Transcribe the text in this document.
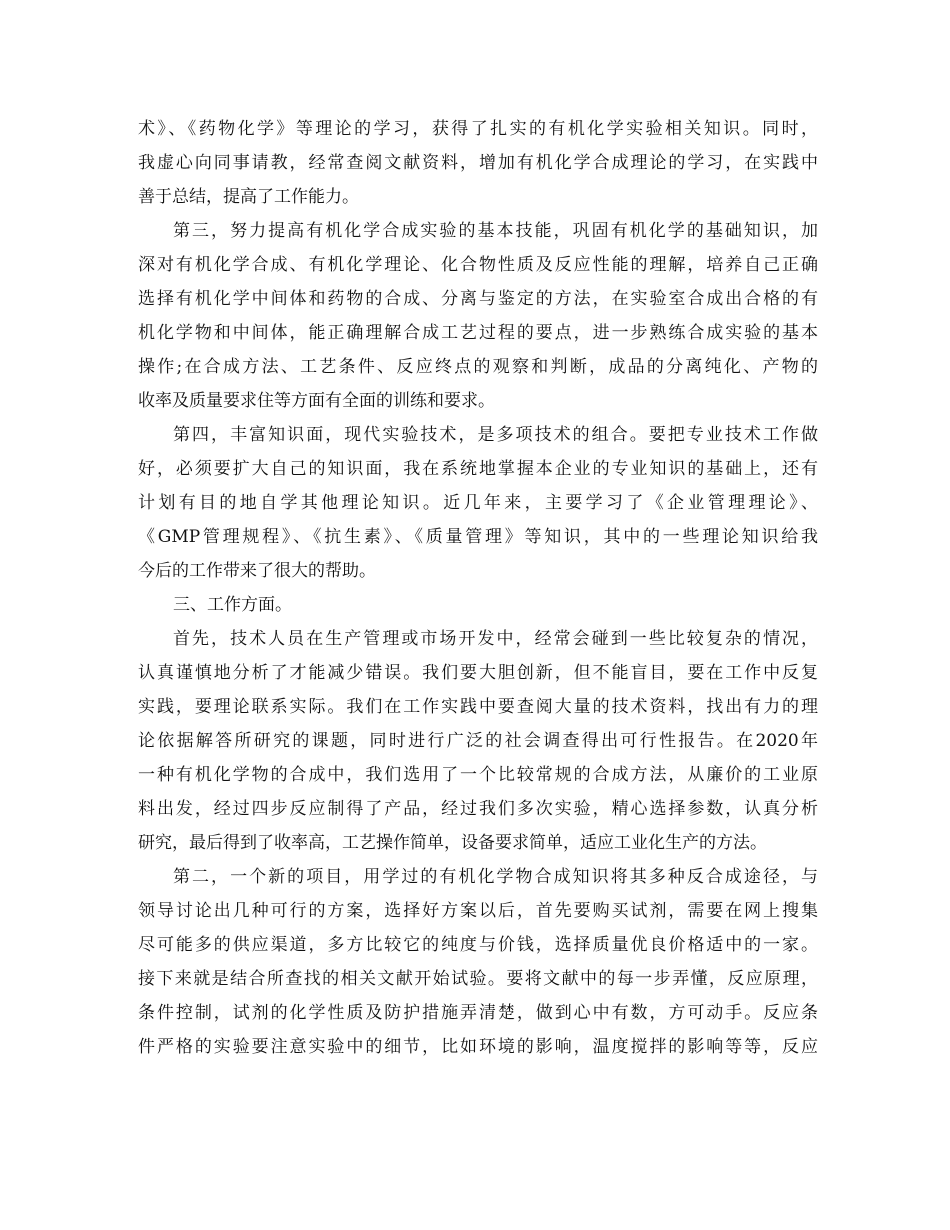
术》、《药物化学》等理论的学习，获得了扎实的有机化学实验相关知识。同时，
我虚心向同事请教，经常查阅文献资料，增加有机化学合成理论的学习，在实践中
善于总结，提高了工作能力。
第三，努力提高有机化学合成实验的基本技能，巩固有机化学的基础知识，加
深对有机化学合成、有机化学理论、化合物性质及反应性能的理解，培养自己正确
选择有机化学中间体和药物的合成、分离与鉴定的方法，在实验室合成出合格的有
机化学物和中间体，能正确理解合成工艺过程的要点，进一步熟练合成实验的基本
操作;在合成方法、工艺条件、反应终点的观察和判断，成品的分离纯化、产物的
收率及质量要求住等方面有全面的训练和要求。
第四，丰富知识面，现代实验技术，是多项技术的组合。要把专业技术工作做
好，必须要扩大自己的知识面，我在系统地掌握本企业的专业知识的基础上，还有
计划有目的地自学其他理论知识。近几年来，主要学习了《企业管理理论》、
《GMP管理规程》、《抗生素》、《质量管理》等知识，其中的一些理论知识给我
今后的工作带来了很大的帮助。
三、工作方面。
首先，技术人员在生产管理或市场开发中，经常会碰到一些比较复杂的情况，
认真谨慎地分析了才能减少错误。我们要大胆创新，但不能盲目，要在工作中反复
实践，要理论联系实际。我们在工作实践中要查阅大量的技术资料，找出有力的理
论依据解答所研究的课题，同时进行广泛的社会调查得出可行性报告。在2020年
一种有机化学物的合成中，我们选用了一个比较常规的合成方法，从廉价的工业原
料出发，经过四步反应制得了产品，经过我们多次实验，精心选择参数，认真分析
研究，最后得到了收率高，工艺操作简单，设备要求简单，适应工业化生产的方法。
第二，一个新的项目，用学过的有机化学物合成知识将其多种反合成途径，与
领导讨论出几种可行的方案，选择好方案以后，首先要购买试剂，需要在网上搜集
尽可能多的供应渠道，多方比较它的纯度与价钱，选择质量优良价格适中的一家。
接下来就是结合所查找的相关文献开始试验。要将文献中的每一步弄懂，反应原理，
条件控制，试剂的化学性质及防护措施弄清楚，做到心中有数，方可动手。反应条
件严格的实验要注意实验中的细节，比如环境的影响，温度搅拌的影响等等，反应
